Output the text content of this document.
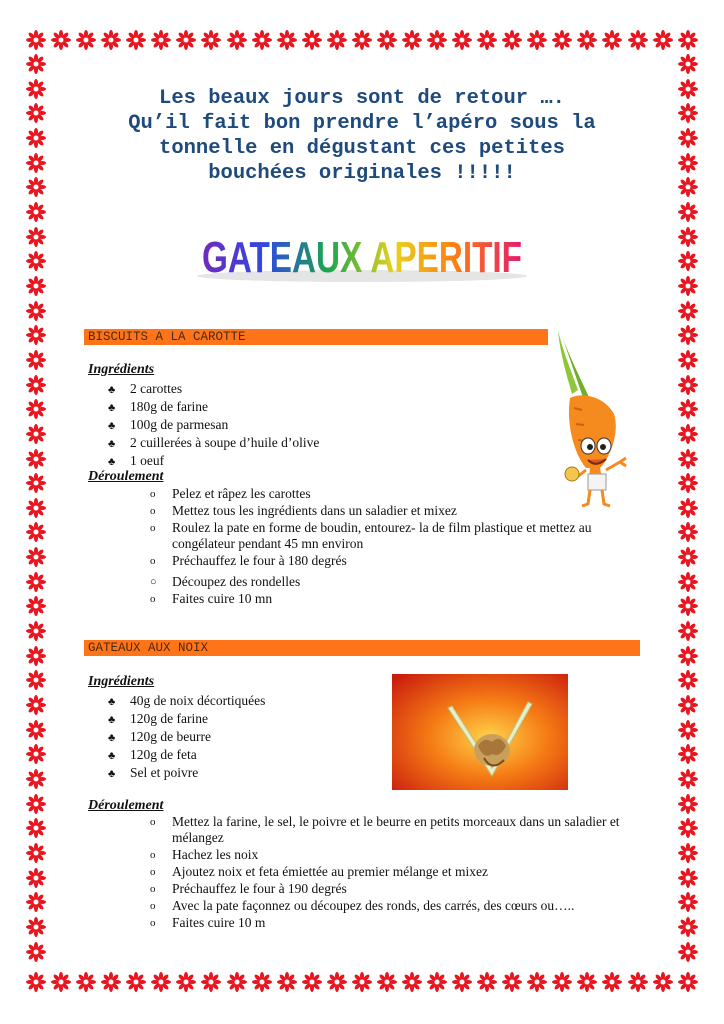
Les beaux jours sont de retour ….
Qu’il fait bon prendre l’apéro sous la
tonnelle en dégustant ces petites
bouchées originales !!!!!
GATEAUX APERITIF
BISCUITS A LA CAROTTE
Ingrédients
♣ 2 carottes
♣ 180g de farine
♣ 100g de parmesan
♣ 2 cuillerées à soupe d’huile d’olive
♣ 1 oeuf
Déroulement
o Pelez et râpez les carottes
o Mettez tous les ingrédients dans un saladier et mixez
o Roulez la pate en forme de boudin, entourez- la de film plastique et mettez au congélateur pendant 45 mn environ
o Préchauffez le four à 180 degrés
○ Découpez des rondelles
o Faites cuire 10 mn
GATEAUX AUX NOIX
Ingrédients
♣ 40g de noix décortiquées
♣ 120g de farine
♣ 120g de beurre
♣ 120g de feta
♣ Sel et poivre
Déroulement
o Mettez la farine, le sel, le poivre et le beurre en petits morceaux dans un saladier et mélangez
o Hachez les noix
o Ajoutez noix et feta émiettée au premier mélange et mixez
o Préchauffez le four à 190 degrés
o Avec la pate façonnez ou découpez des ronds, des carrés, des cœurs ou…..
o Faites cuire 10 m
